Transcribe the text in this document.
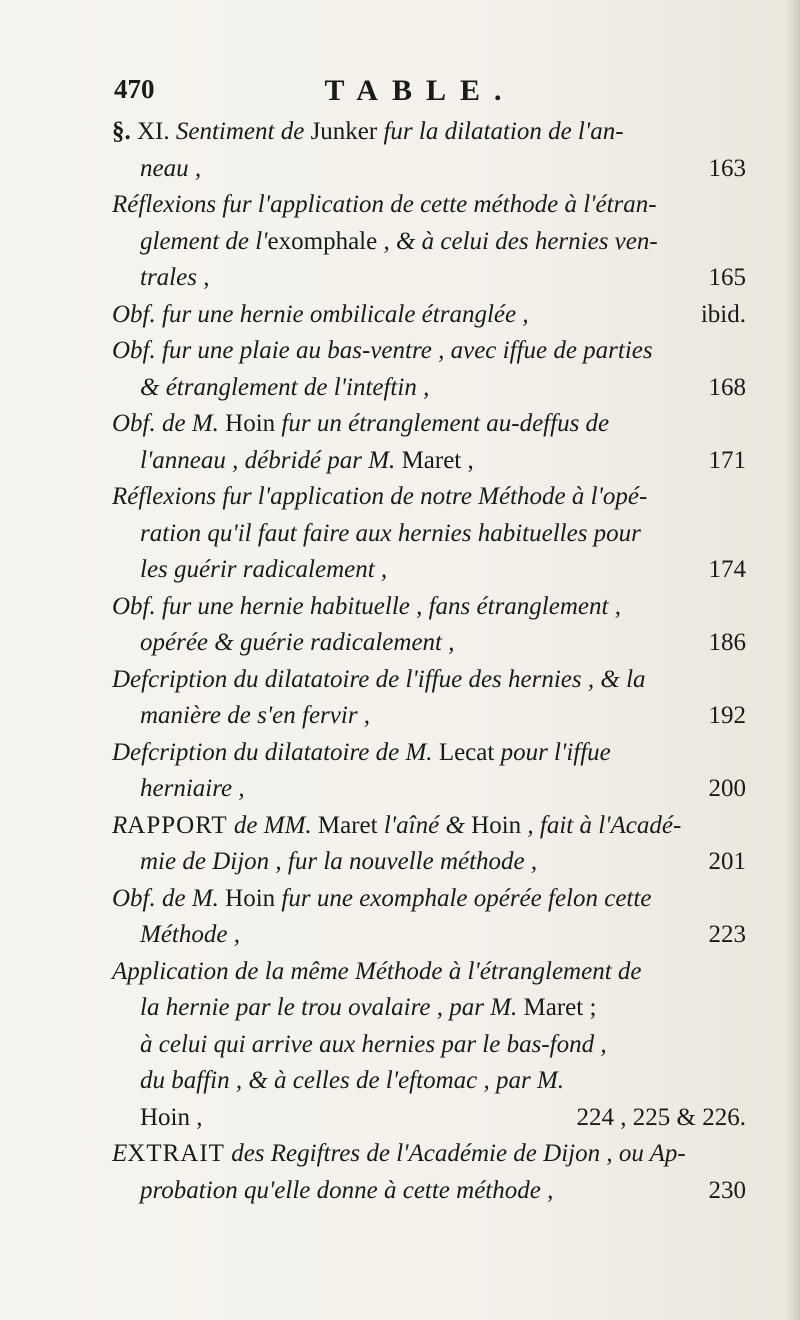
470	TABLE.
§. XI. Sentiment de Junker fur la dilatation de l'an-
neau ,	163
Réflexions fur l'application de cette méthode à l'étran-
glement de l'exomphale , & à celui des hernies ven-
trales ,	165
Obf. fur une hernie ombilicale étranglée ,	ibid.
Obf. fur une plaie au bas-ventre , avec iffue de parties
& étranglement de l'inteftin ,	168
Obf. de M. Hoin fur un étranglement au-deffus de
l'anneau , débridé par M. Maret ,	171
Réflexions fur l'application de notre Méthode à l'opé-
ration qu'il faut faire aux hernies habituelles pour
les guérir radicalement ,	174
Obf. fur une hernie habituelle , fans étranglement ,
opérée & guérie radicalement ,	186
Defcription du dilatatoire de l'iffue des hernies , & la
manière de s'en fervir ,	192
Defcription du dilatatoire de M. Lecat pour l'iffue
herniaire ,	200
RAPPORT de MM. Maret l'aîné & Hoin , fait à l'Acadé-
mie de Dijon , fur la nouvelle méthode ,	201
Obf. de M. Hoin fur une exomphale opérée felon cette
Méthode ,	223
Application de la même Méthode à l'étranglement de
la hernie par le trou ovalaire , par M. Maret ;
à celui qui arrive aux hernies par le bas-fond ,
du baffin , & à celles de l'eftomac , par M.
Hoin ,	224 , 225 & 226.
EXTRAIT des Regiftres de l'Académie de Dijon , ou Ap-
probation qu'elle donne à cette méthode ,	230
